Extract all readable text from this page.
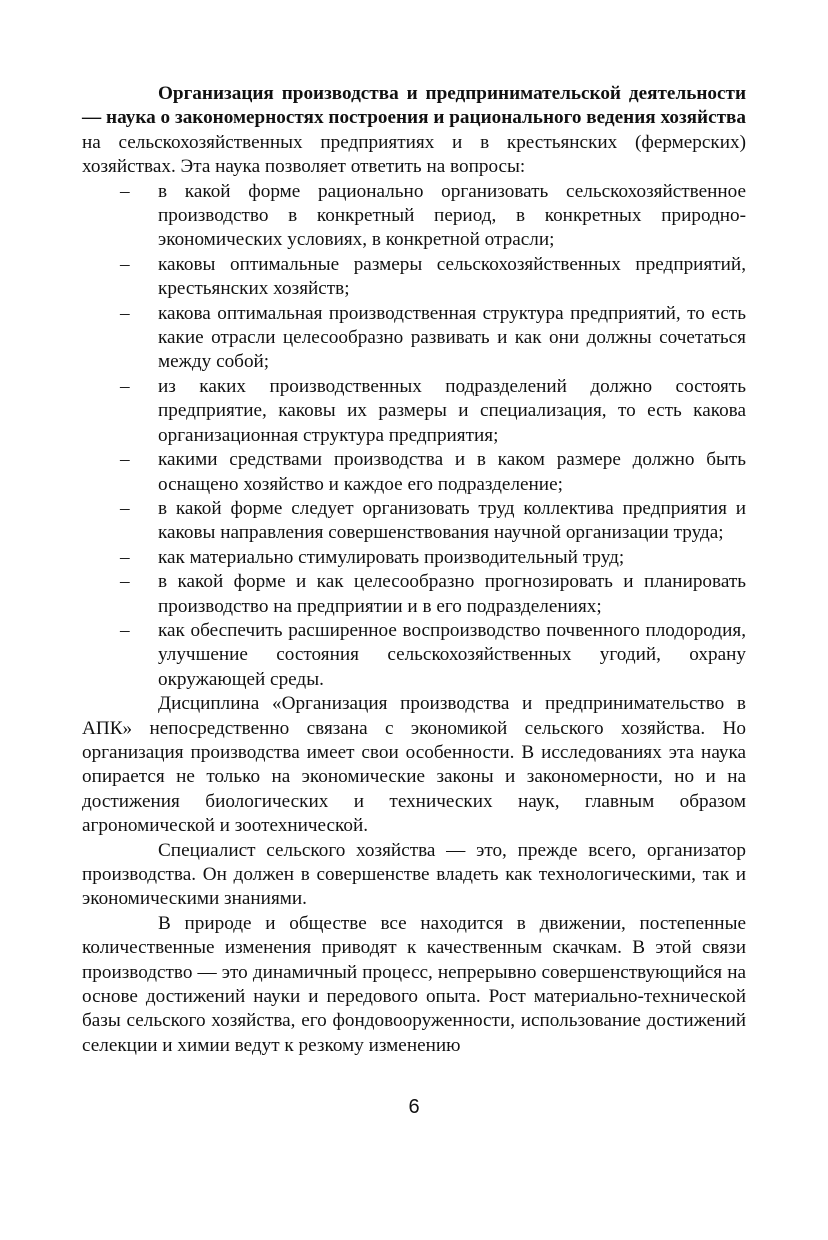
Организация производства и предпринимательской деятельности — наука о закономерностях построения и рационального ведения хозяйства на сельскохозяйственных предприятиях и в крестьянских (фермерских) хозяйствах. Эта наука позволяет ответить на вопросы:

– в какой форме рационально организовать сельскохозяйственное производство в конкретный период, в конкретных природно-экономических условиях, в конкретной отрасли;
– каковы оптимальные размеры сельскохозяйственных предприятий, крестьянских хозяйств;
– какова оптимальная производственная структура предприятий, то есть какие отрасли целесообразно развивать и как они должны сочетаться между собой;
– из каких производственных подразделений должно состоять предприятие, каковы их размеры и специализация, то есть какова организационная структура предприятия;
– какими средствами производства и в каком размере должно быть оснащено хозяйство и каждое его подразделение;
– в какой форме следует организовать труд коллектива предприятия и каковы направления совершенствования научной организации труда;
– как материально стимулировать производительный труд;
– в какой форме и как целесообразно прогнозировать и планировать производство на предприятии и в его подразделениях;
– как обеспечить расширенное воспроизводство почвенного плодородия, улучшение состояния сельскохозяйственных угодий, охрану окружающей среды.

Дисциплина «Организация производства и предпринимательство в АПК» непосредственно связана с экономикой сельского хозяйства. Но организация производства имеет свои особенности. В исследованиях эта наука опирается не только на экономические законы и закономерности, но и на достижения биологических и технических наук, главным образом агрономической и зоотехнической.

Специалист сельского хозяйства — это, прежде всего, организатор производства. Он должен в совершенстве владеть как технологическими, так и экономическими знаниями.

В природе и обществе все находится в движении, постепенные количественные изменения приводят к качественным скачкам. В этой связи производство — это динамичный процесс, непрерывно совершенствующийся на основе достижений науки и передового опыта. Рост материально-технической базы сельского хозяйства, его фондовооруженности, использование достижений селекции и химии ведут к резкому изменению

6
